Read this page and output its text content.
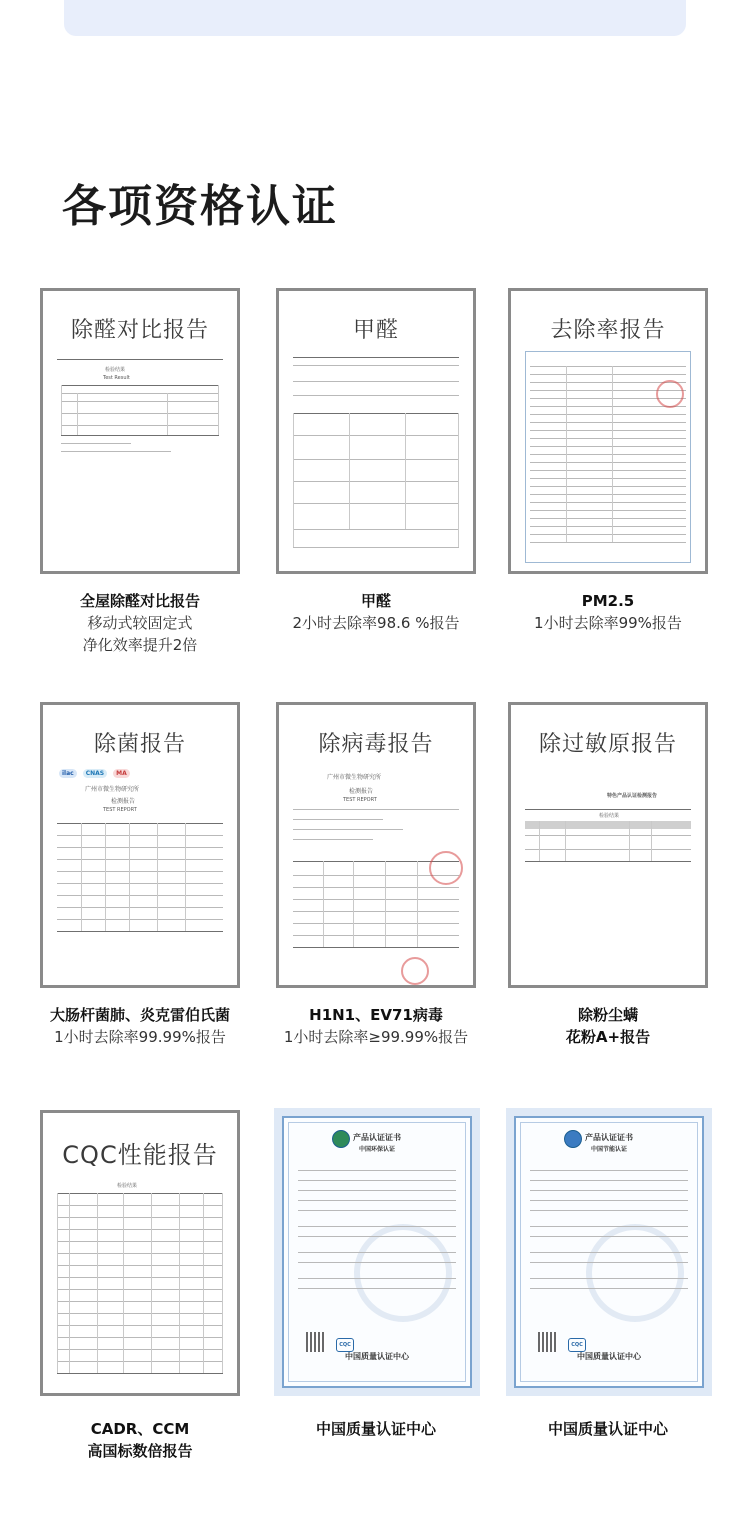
各项资格认证
除醛对比报告
检验结果
Test Result
全屋除醛对比报告
移动式较固定式
净化效率提升2倍
甲醛
甲醛
2小时去除率98.6 %报告
去除率报告
PM2.5
1小时去除率99%报告
除菌报告
ilac	CNAS	MA
广州市微生物研究所
检测报告
TEST REPORT
大肠杆菌肺、炎克雷伯氏菌
1小时去除率99.99%报告
除病毒报告
广州市微生物研究所
检测报告
TEST REPORT
H1N1、EV71病毒
1小时去除率≥99.99%报告
除过敏原报告
特色产品认证检测报告
检验结果
除粉尘螨
花粉A+报告
CQC性能报告
检验结果
CADR、CCM
高国标数倍报告
产品认证证书
中国环保认证
CQC
中国质量认证中心
中国质量认证中心
产品认证证书
中国节能认证
CQC
中国质量认证中心
中国质量认证中心
